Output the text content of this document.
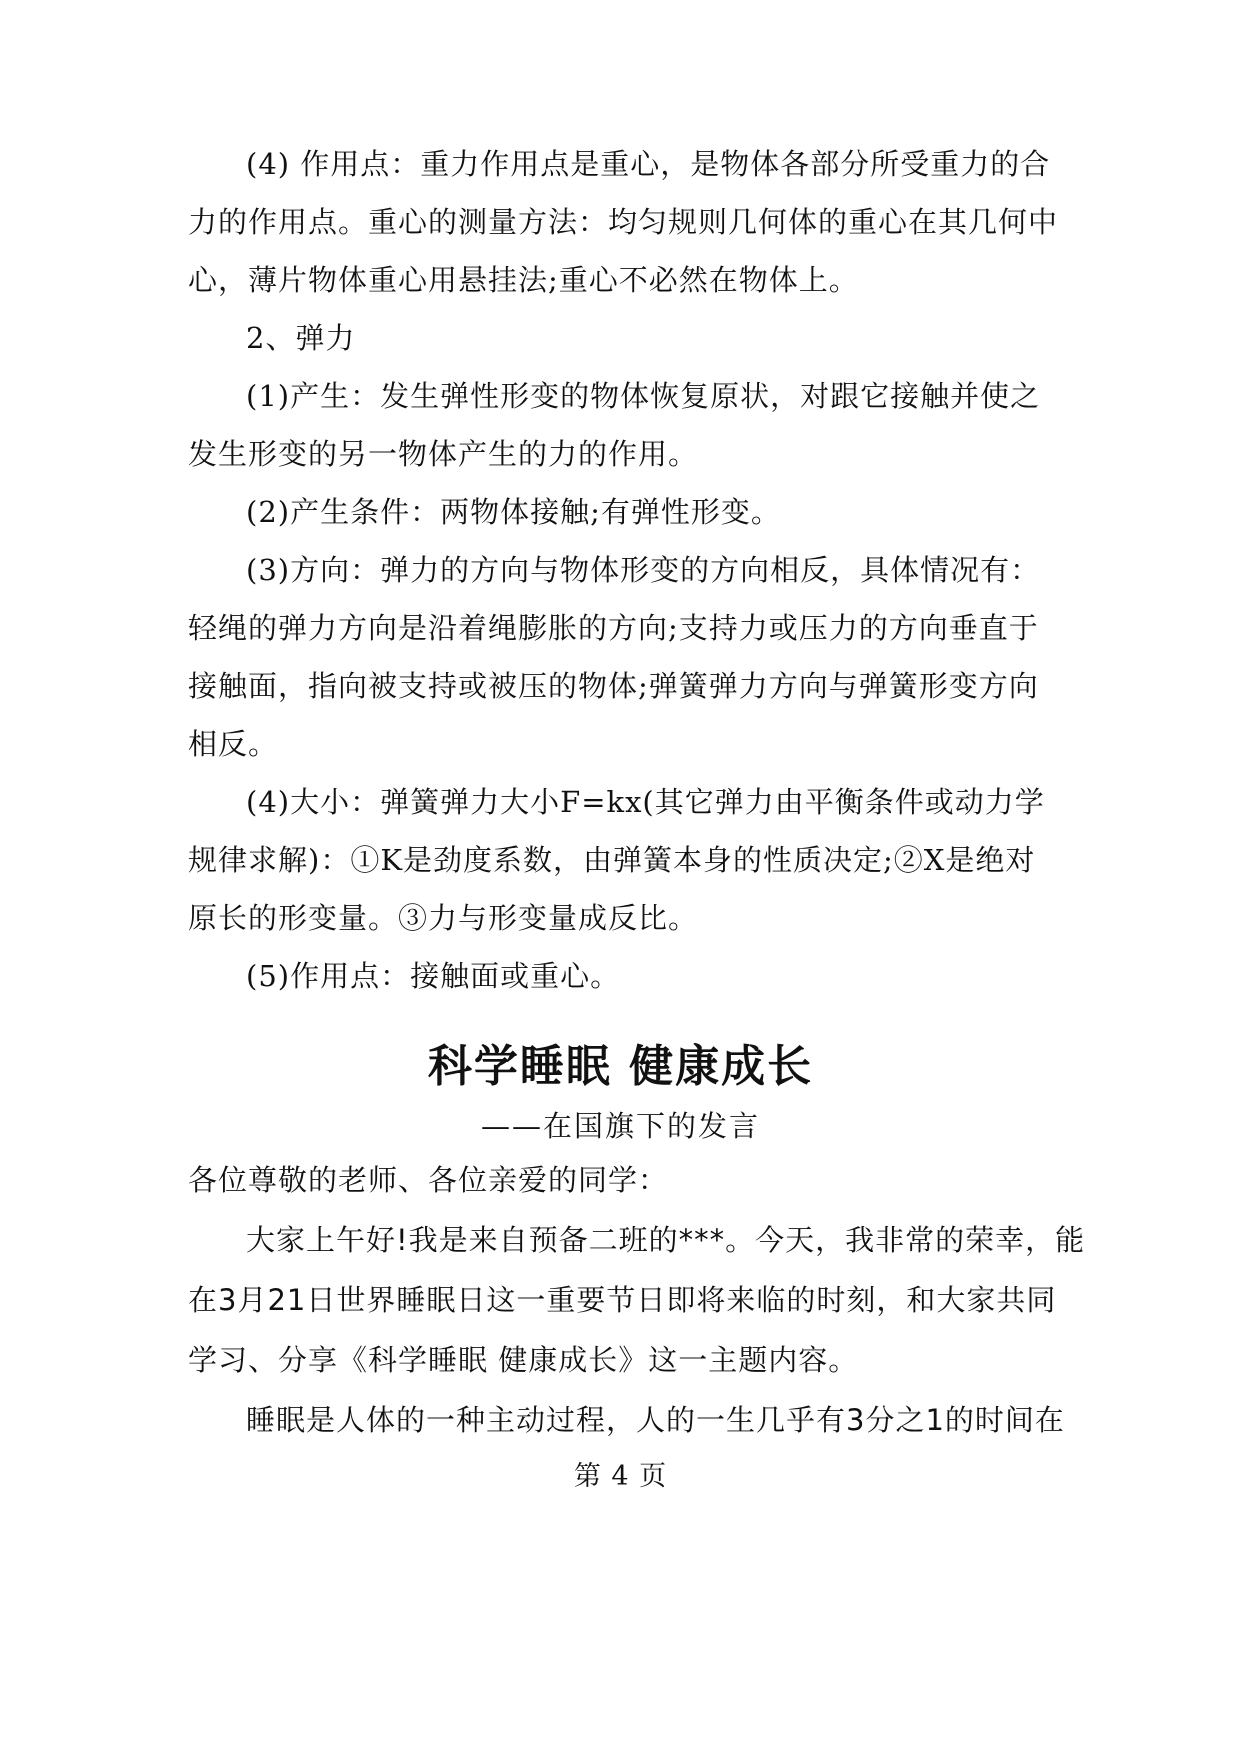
(4) 作用点：重力作用点是重心，是物体各部分所受重力的合
力的作用点。重心的测量方法：均匀规则几何体的重心在其几何中
心，薄片物体重心用悬挂法;重心不必然在物体上。
2、弹力
(1)产生：发生弹性形变的物体恢复原状，对跟它接触并使之
发生形变的另一物体产生的力的作用。
(2)产生条件：两物体接触;有弹性形变。
(3)方向：弹力的方向与物体形变的方向相反，具体情况有：
轻绳的弹力方向是沿着绳膨胀的方向;支持力或压力的方向垂直于
接触面，指向被支持或被压的物体;弹簧弹力方向与弹簧形变方向
相反。
(4)大小：弹簧弹力大小F=kx(其它弹力由平衡条件或动力学
规律求解)：①K是劲度系数，由弹簧本身的性质决定;②X是绝对
原长的形变量。③力与形变量成反比。
(5)作用点：接触面或重心。
科学睡眠 健康成长
——在国旗下的发言
各位尊敬的老师、各位亲爱的同学：
大家上午好!我是来自预备二班的***。今天，我非常的荣幸，能
在3月21日世界睡眠日这一重要节日即将来临的时刻，和大家共同
学习、分享《科学睡眠 健康成长》这一主题内容。
睡眠是人体的一种主动过程，人的一生几乎有3分之1的时间在
第 4 页
